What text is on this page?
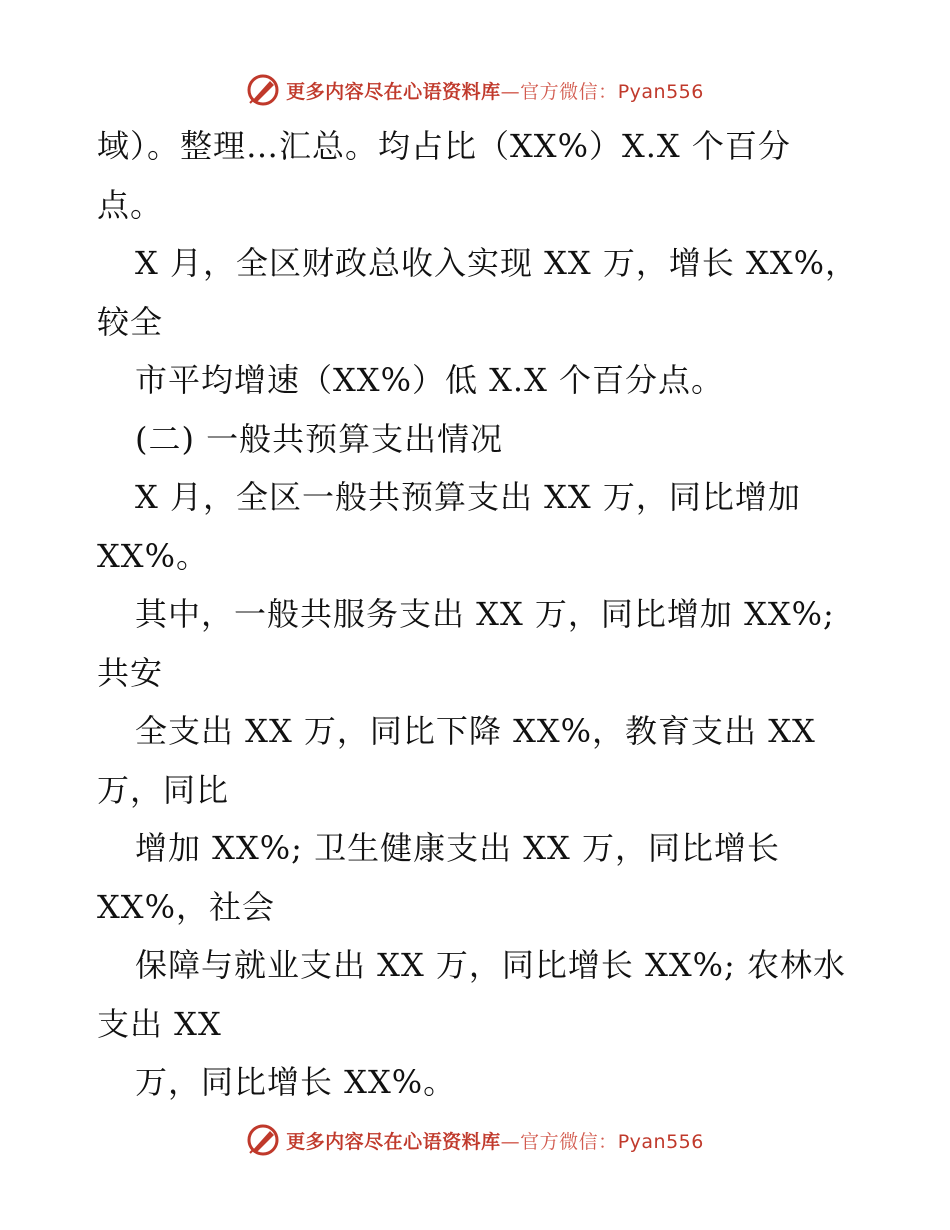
更多内容尽在心语资料库—官方微信：Pyan556
域）。整理…汇总。均占比（XX%）X.X 个百分
点。
X 月，全区财政总收入实现 XX 万，增长 XX%，
较全
市平均增速（XX%）低 X.X 个百分点。
(二) 一般共预算支出情况
X 月，全区一般共预算支出 XX 万，同比增加
XX%。
其中，一般共服务支出 XX 万，同比增加 XX%;
共安
全支出 XX 万，同比下降 XX%，教育支出 XX
万，同比
增加 XX%; 卫生健康支出 XX 万，同比增长
XX%，社会
保障与就业支出 XX 万，同比增长 XX%; 农林水
支出 XX
万，同比增长 XX%。
更多内容尽在心语资料库—官方微信：Pyan556
